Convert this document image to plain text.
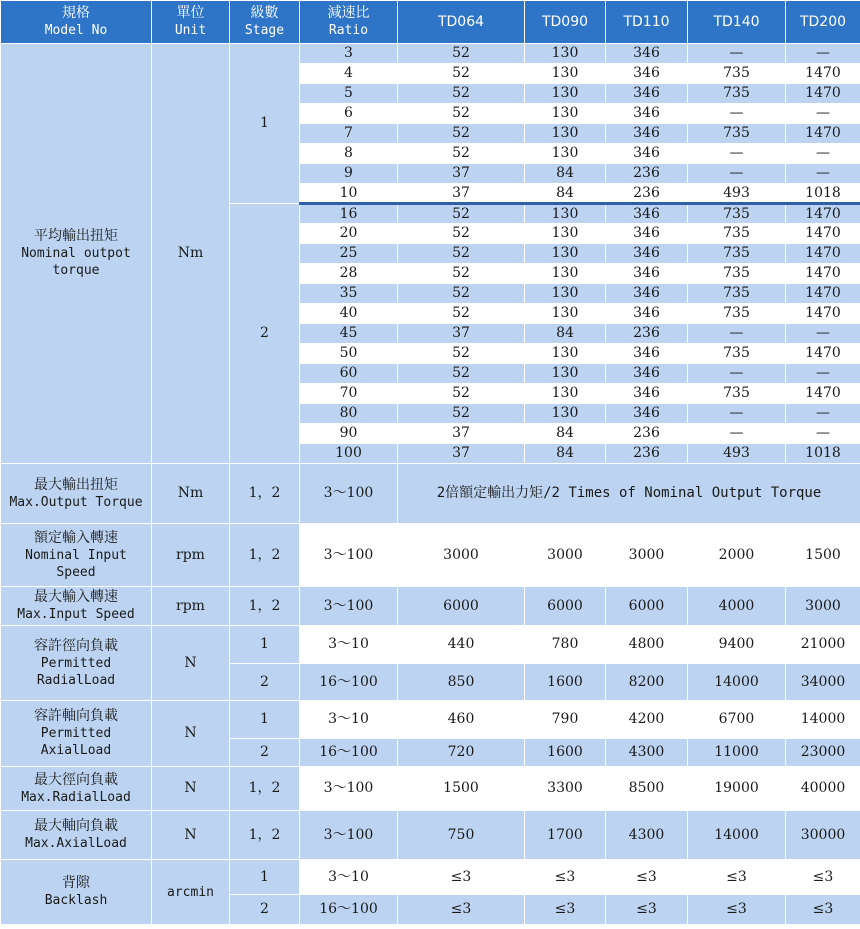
規格
Model No	單位
Unit	級數
Stage	減速比
Ratio	TD064	TD090	TD110	TD140	TD200

平均輸出扭矩
Nominal outpot
torque	Nm	1	3	52	130	346	—	—
			4	52	130	346	735	1470
			5	52	130	346	735	1470
			6	52	130	346	—	—
			7	52	130	346	735	1470
			8	52	130	346	—	—
			9	37	84	236	—	—
			10	37	84	236	493	1018
		2	16	52	130	346	735	1470
			20	52	130	346	735	1470
			25	52	130	346	735	1470
			28	52	130	346	735	1470
			35	52	130	346	735	1470
			40	52	130	346	735	1470
			45	37	84	236	—	—
			50	52	130	346	735	1470
			60	52	130	346	—	—
			70	52	130	346	735	1470
			80	52	130	346	—	—
			90	37	84	236	—	—
			100	37	84	236	493	1018

最大輸出扭矩
Max.Output Torque	Nm	1，2	3～100	2倍額定輸出力矩/2 Times of Nominal Output Torque				

額定輸入轉速
Nominal Input
Speed	rpm	1，2	3～100	3000	3000	3000	2000	1500

最大輸入轉速
Max.Input Speed	rpm	1，2	3～100	6000	6000	6000	4000	3000

容許徑向負載
Permitted
RadialLoad	N	1	3～10	440	780	4800	9400	21000
		2	16～100	850	1600	8200	14000	34000

容許軸向負載
Permitted
AxialLoad	N	1	3～10	460	790	4200	6700	14000
		2	16～100	720	1600	4300	11000	23000

最大徑向負載
Max.RadialLoad	N	1，2	3～100	1500	3300	8500	19000	40000

最大軸向負載
Max.AxialLoad	N	1，2	3～100	750	1700	4300	14000	30000

背隙
Backlash	arcmin	1	3～10	≤3	≤3	≤3	≤3	≤3
		2	16～100	≤3	≤3	≤3	≤3	≤3
